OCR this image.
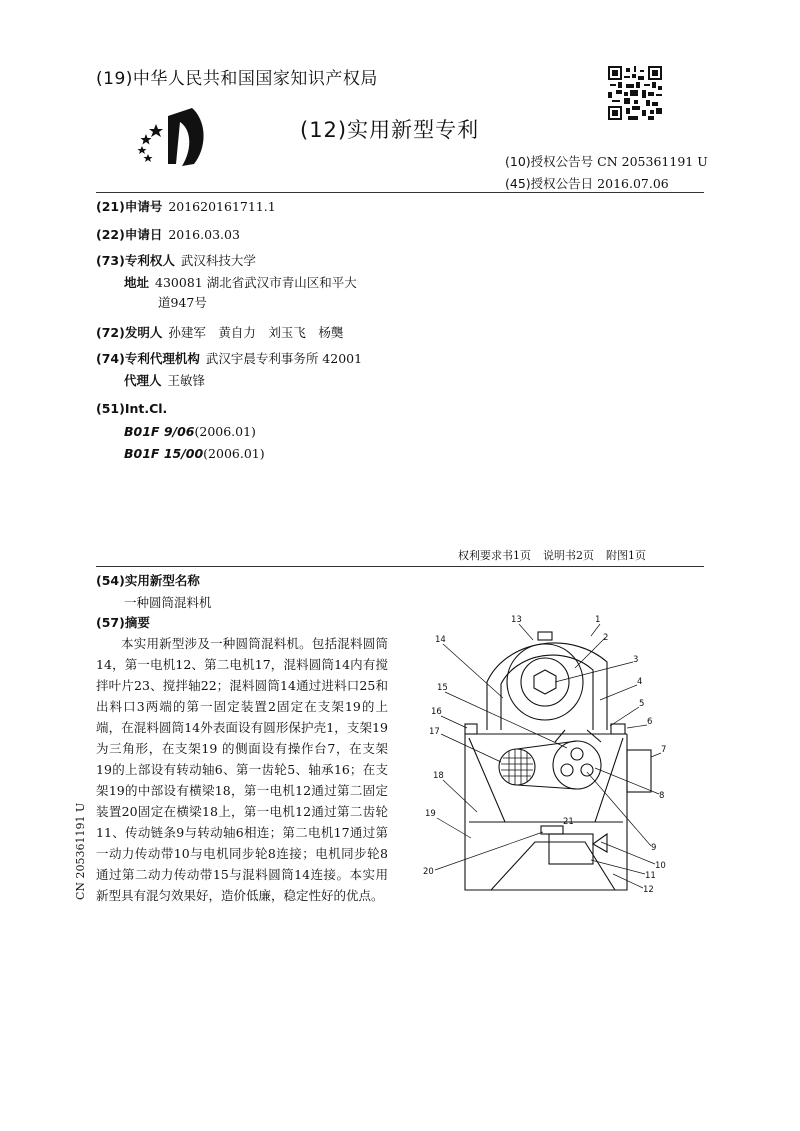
(19)中华人民共和国国家知识产权局
(12)实用新型专利
(10)授权公告号 CN 205361191 U
(45)授权公告日 2016.07.06
(21)申请号 201620161711.1
(22)申请日 2016.03.03
(73)专利权人 武汉科技大学
地址 430081 湖北省武汉市青山区和平大
道947号
(72)发明人 孙建军　黄自力　刘玉飞　杨龑
(74)专利代理机构 武汉宇晨专利事务所 42001
代理人 王敏锋
(51)Int.Cl.
B01F 9/06(2006.01)
B01F 15/00(2006.01)
权利要求书1页 说明书2页 附图1页
(54)实用新型名称
一种圆筒混料机
(57)摘要
本实用新型涉及一种圆筒混料机。包括混料圆筒14，第一电机12、第二电机17，混料圆筒14内有搅拌叶片23、搅拌轴22；混料圆筒14通过进料口25和出料口3两端的第一固定装置2固定在支架19的上端，在混料圆筒14外表面设有圆形保护壳1，支架19为三角形，在支架19 的侧面设有操作台7，在支架19的上部设有转动轴6、第一齿轮5、轴承16；在支架19的中部设有横梁18，第一电机12通过第二固定装置20固定在横梁18上，第一电机12通过第二齿轮11、传动链条9与转动轴6相连；第二电机17通过第一动力传动带10与电机同步轮8连接；电机同步轮8通过第二动力传动带15与混料圆筒14连接。本实用新型具有混匀效果好，造价低廉，稳定性好的优点。
CN 205361191 U
1
2
3
4
5
6
7
8
9
10
11
12
13
14
15
16
17
18
19
20
21
